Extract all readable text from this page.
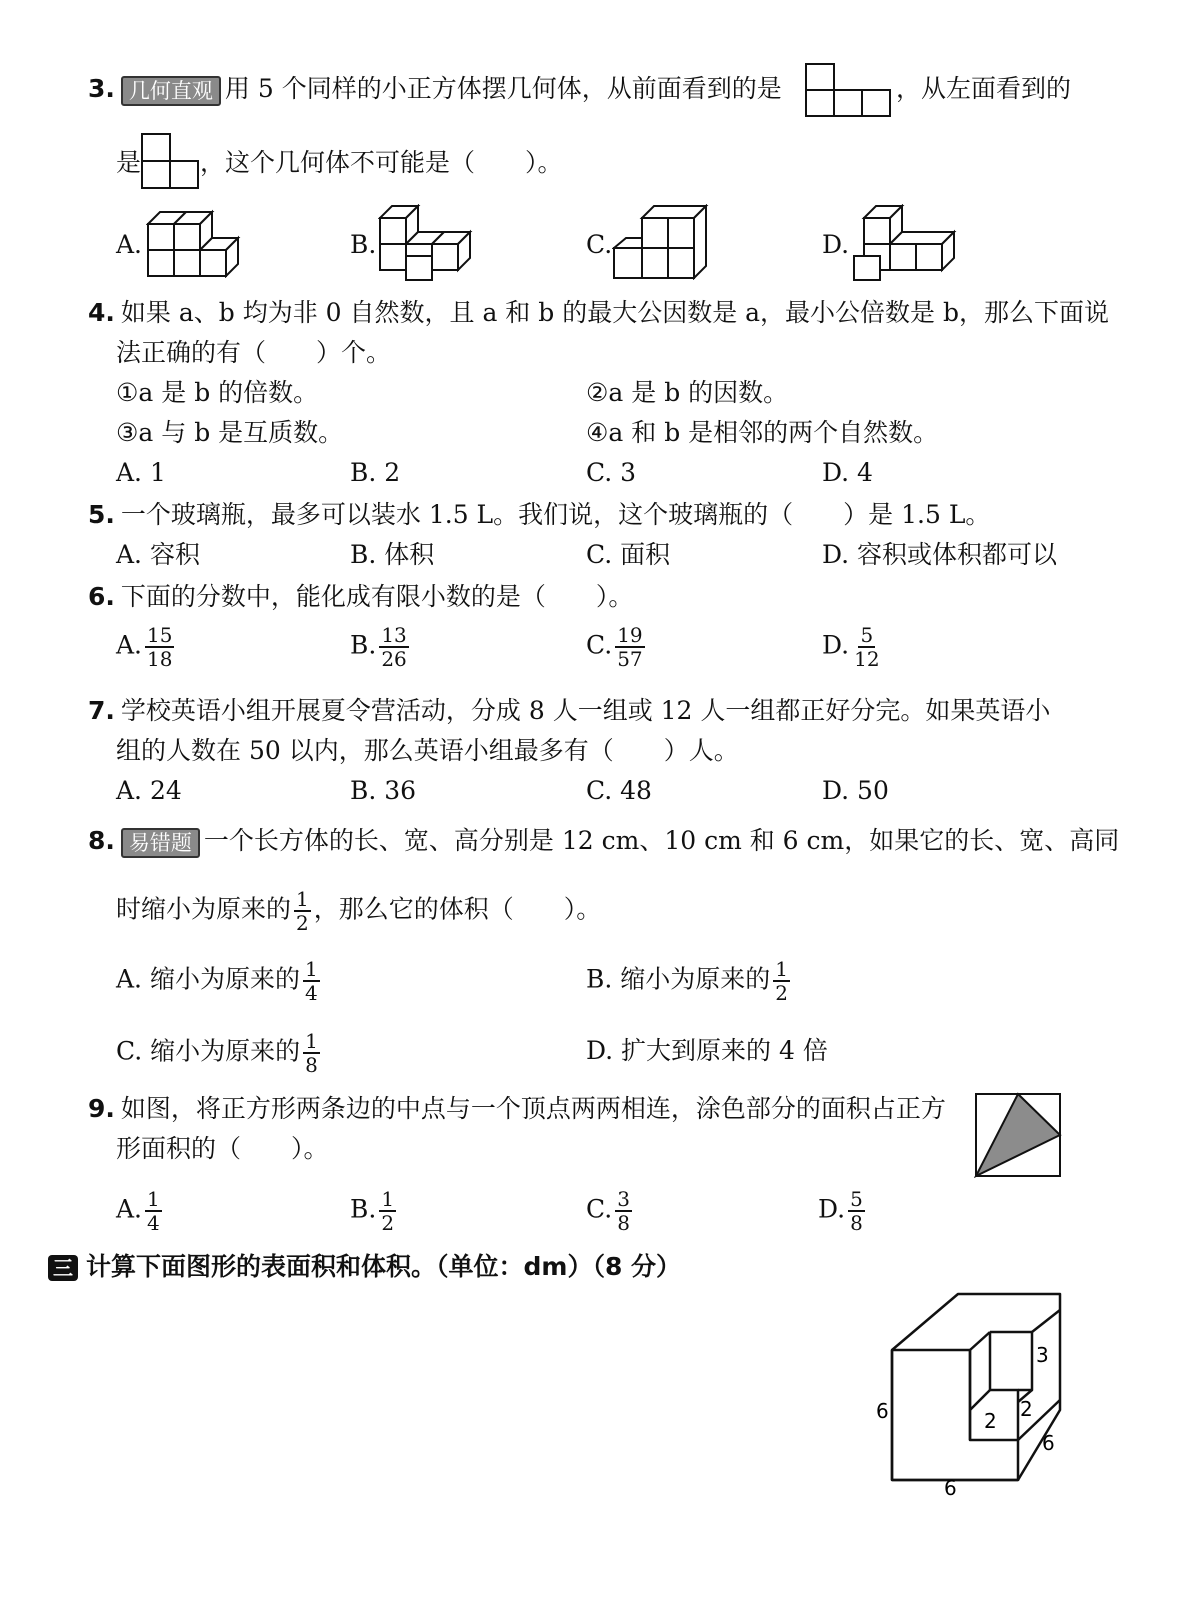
3. 几何直观 用 5 个同样的小正方体摆几何体，从前面看到的是	，从左面看到的
是 ，这个几何体不可能是（　　）。
A.	B.	C.	D.
4. 如果 a、b 均为非 0 自然数，且 a 和 b 的最大公因数是 a，最小公倍数是 b，那么下面说
法正确的有（　　）个。
①a 是 b 的倍数。	②a 是 b 的因数。
③a 与 b 是互质数。	④a 和 b 是相邻的两个自然数。
A. 1	B. 2	C. 3	D. 4
5. 一个玻璃瓶，最多可以装水 1.5 L。我们说，这个玻璃瓶的（　　）是 1.5 L。
A. 容积	B. 体积	C. 面积	D. 容积或体积都可以
6. 下面的分数中，能化成有限小数的是（　　）。
A. $\frac{15}{18}$	B. $\frac{13}{26}$	C. $\frac{19}{57}$	D. $\frac{5}{12}$
7. 学校英语小组开展夏令营活动，分成 8 人一组或 12 人一组都正好分完。如果英语小
组的人数在 50 以内，那么英语小组最多有（　　）人。
A. 24	B. 36	C. 48	D. 50
8. 易错题 一个长方体的长、宽、高分别是 12 cm、10 cm 和 6 cm，如果它的长、宽、高同
时缩小为原来的 $\frac{1}{2}$ ，那么它的体积（　　）。
A. 缩小为原来的 $\frac{1}{4}$	B. 缩小为原来的 $\frac{1}{2}$
C. 缩小为原来的 $\frac{1}{8}$	D. 扩大到原来的 4 倍
9. 如图，将正方形两条边的中点与一个顶点两两相连，涂色部分的面积占正方
形面积的（　　）。
A. $\frac{1}{4}$	B. $\frac{1}{2}$	C. $\frac{3}{8}$	D. $\frac{5}{8}$
三 计算下面图形的表面积和体积。（单位：dm）（8 分）
6
6
6
3
2 2
